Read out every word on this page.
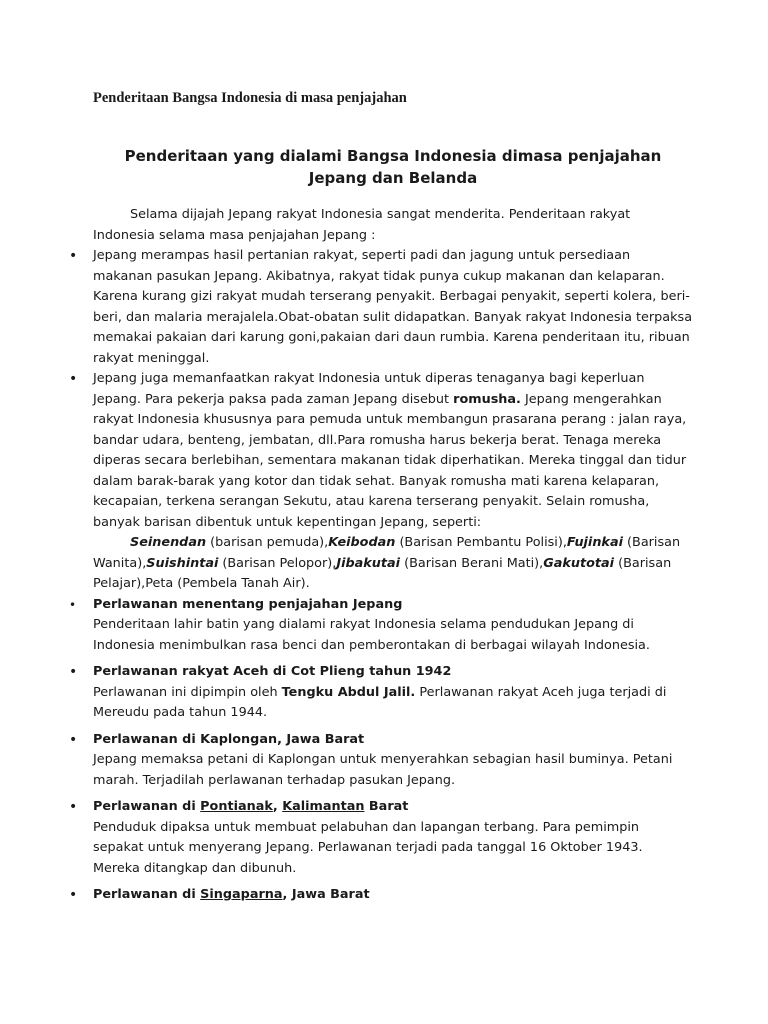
Penderitaan Bangsa Indonesia di masa penjajahan

Penderitaan yang dialami Bangsa Indonesia dimasa penjajahan
Jepang dan Belanda

Selama dijajah Jepang rakyat Indonesia sangat menderita. Penderitaan rakyat Indonesia selama masa penjajahan Jepang :

• Jepang merampas hasil pertanian rakyat, seperti padi dan jagung untuk persediaan makanan pasukan Jepang. Akibatnya, rakyat tidak punya cukup makanan dan kelaparan. Karena kurang gizi rakyat mudah terserang penyakit. Berbagai penyakit, seperti kolera, beri-beri, dan malaria merajalela.Obat-obatan sulit didapatkan. Banyak rakyat Indonesia terpaksa memakai pakaian dari karung goni,pakaian dari daun rumbia. Karena penderitaan itu, ribuan rakyat meninggal.

• Jepang juga memanfaatkan rakyat Indonesia untuk diperas tenaganya bagi keperluan Jepang. Para pekerja paksa pada zaman Jepang disebut romusha. Jepang mengerahkan rakyat Indonesia khususnya para pemuda untuk membangun prasarana perang : jalan raya, bandar udara, benteng, jembatan, dll.Para romusha harus bekerja berat. Tenaga mereka diperas secara berlebihan, sementara makanan tidak diperhatikan. Mereka tinggal dan tidur dalam barak-barak yang kotor dan tidak sehat. Banyak romusha mati karena kelaparan, kecapaian, terkena serangan Sekutu, atau karena terserang penyakit. Selain romusha, banyak barisan dibentuk untuk kepentingan Jepang, seperti:

Seinendan (barisan pemuda),Keibodan (Barisan Pembantu Polisi),Fujinkai (Barisan Wanita),Suishintai (Barisan Pelopor),Jibakutai (Barisan Berani Mati),Gakutotai (Barisan Pelajar),Peta (Pembela Tanah Air).

• Perlawanan menentang penjajahan Jepang

Penderitaan lahir batin yang dialami rakyat Indonesia selama pendudukan Jepang di Indonesia menimbulkan rasa benci dan pemberontakan di berbagai wilayah Indonesia.

• Perlawanan rakyat Aceh di Cot Plieng tahun 1942

Perlawanan ini dipimpin oleh Tengku Abdul Jalil. Perlawanan rakyat Aceh juga terjadi di Mereudu pada tahun 1944.

• Perlawanan di Kaplongan, Jawa Barat

Jepang memaksa petani di Kaplongan untuk menyerahkan sebagian hasil buminya. Petani marah. Terjadilah perlawanan terhadap pasukan Jepang.

• Perlawanan di Pontianak, Kalimantan Barat

Penduduk dipaksa untuk membuat pelabuhan dan lapangan terbang. Para pemimpin sepakat untuk menyerang Jepang. Perlawanan terjadi pada tanggal 16 Oktober 1943. Mereka ditangkap dan dibunuh.

• Perlawanan di Singaparna, Jawa Barat
